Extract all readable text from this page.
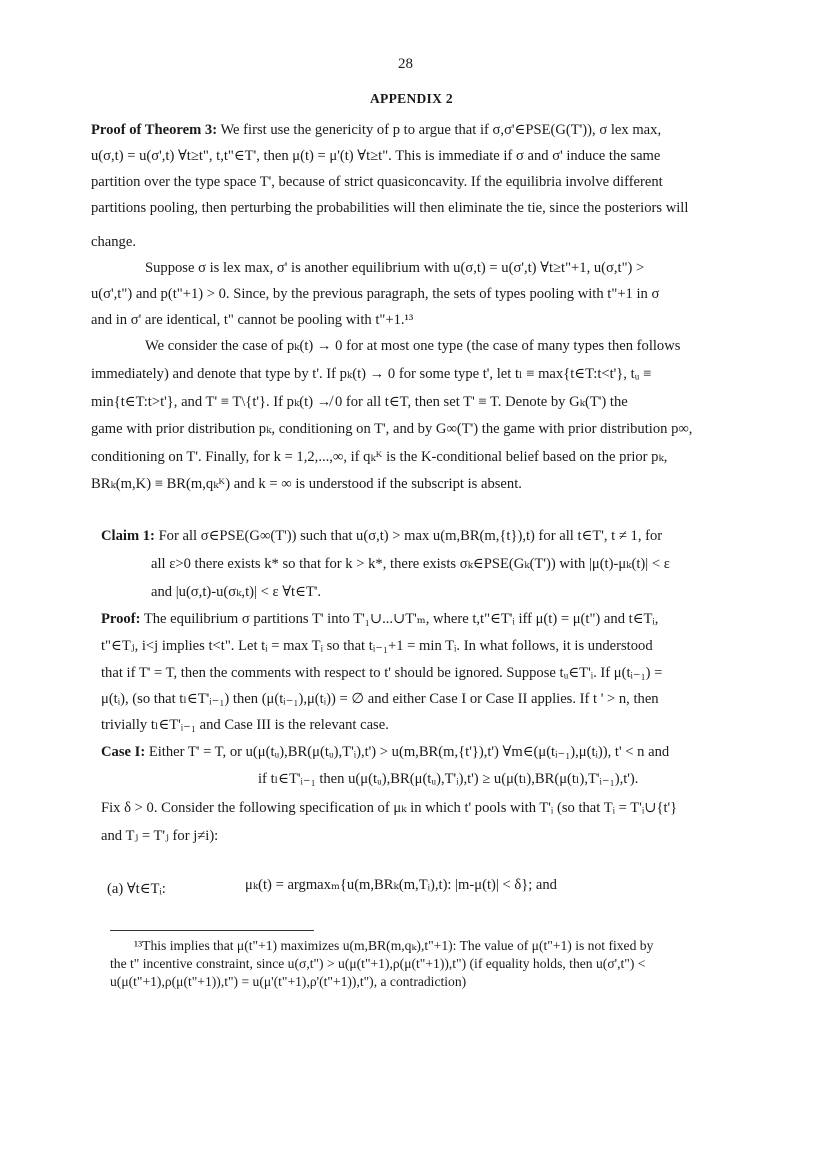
28
APPENDIX 2
Proof of Theorem 3: We first use the genericity of p to argue that if σ,σ'∈PSE(G(T')), σ lex max,
u(σ,t) = u(σ',t) ∀t≥t", t,t"∈T', then μ(t) = μ'(t) ∀t≥t". This is immediate if σ and σ' induce the same
partition over the type space T', because of strict quasiconcavity. If the equilibria involve different
partitions pooling, then perturbing the probabilities will then eliminate the tie, since the posteriors will
change.
Suppose σ is lex max, σ' is another equilibrium with u(σ,t) = u(σ',t) ∀t≥t"+1, u(σ,t") >
u(σ',t") and p(t"+1) > 0. Since, by the previous paragraph, the sets of types pooling with t"+1 in σ
and in σ' are identical, t" cannot be pooling with t"+1.¹³
We consider the case of pₖ(t) → 0 for at most one type (the case of many types then follows
immediately) and denote that type by t'. If pₖ(t) → 0 for some type t', let tₗ ≡ max{t∈T:t<t'}, tᵤ ≡
min{t∈T:t>t'}, and T' ≡ T\{t'}. If pₖ(t) ↛ 0 for all t∈T, then set T' ≡ T. Denote by Gₖ(T') the
game with prior distribution pₖ, conditioning on T', and by G∞(T') the game with prior distribution p∞,
conditioning on T'. Finally, for k = 1,2,...,∞, if qₖᴷ is the K-conditional belief based on the prior pₖ,
BRₖ(m,K) ≡ BR(m,qₖᴷ) and k = ∞ is understood if the subscript is absent.
Claim 1: For all σ∈PSE(G∞(T')) such that u(σ,t) > max u(m,BR(m,{t}),t) for all t∈T', t ≠ 1, for
all ε>0 there exists k* so that for k > k*, there exists σₖ∈PSE(Gₖ(T')) with |μ(t)-μₖ(t)| < ε
and |u(σ,t)-u(σₖ,t)| < ε ∀t∈T'.
Proof: The equilibrium σ partitions T' into T'₁∪...∪T'ₘ, where t,t"∈T'ᵢ iff μ(t) = μ(t") and t∈Tᵢ,
t"∈Tⱼ, i<j implies t<t". Let tᵢ = max Tᵢ so that tᵢ₋₁+1 = min Tᵢ. In what follows, it is understood
that if T' = T, then the comments with respect to t' should be ignored. Suppose tᵤ∈T'ᵢ. If μ(tᵢ₋₁) =
μ(tᵢ), (so that tₗ∈T'ᵢ₋₁) then (μ(tᵢ₋₁),μ(tᵢ)) = ∅ and either Case I or Case II applies. If t ' > n, then
trivially tₗ∈T'ᵢ₋₁ and Case III is the relevant case.
Case I: Either T' = T, or u(μ(tᵤ),BR(μ(tᵤ),T'ᵢ),t') > u(m,BR(m,{t'}),t') ∀m∈(μ(tᵢ₋₁),μ(tᵢ)), t' < n and
if tₗ∈T'ᵢ₋₁ then u(μ(tᵤ),BR(μ(tᵤ),T'ᵢ),t') ≥ u(μ(tₗ),BR(μ(tₗ),T'ᵢ₋₁),t').
Fix δ > 0. Consider the following specification of μₖ in which t' pools with T'ᵢ (so that Tᵢ = T'ᵢ∪{t'}
and Tⱼ = T'ⱼ for j≠i):
(a) ∀t∈Tᵢ:	μₖ(t) = argmaxₘ{u(m,BRₖ(m,Tᵢ),t): |m-μ(t)| < δ}; and
¹³This implies that μ(t"+1) maximizes u(m,BR(m,qₖ),t"+1): The value of μ(t"+1) is not fixed by
the t" incentive constraint, since u(σ,t") > u(μ(t"+1),ρ(μ(t"+1)),t") (if equality holds, then u(σ',t") <
u(μ(t"+1),ρ(μ(t"+1)),t") = u(μ'(t"+1),ρ'(t"+1)),t"), a contradiction)
